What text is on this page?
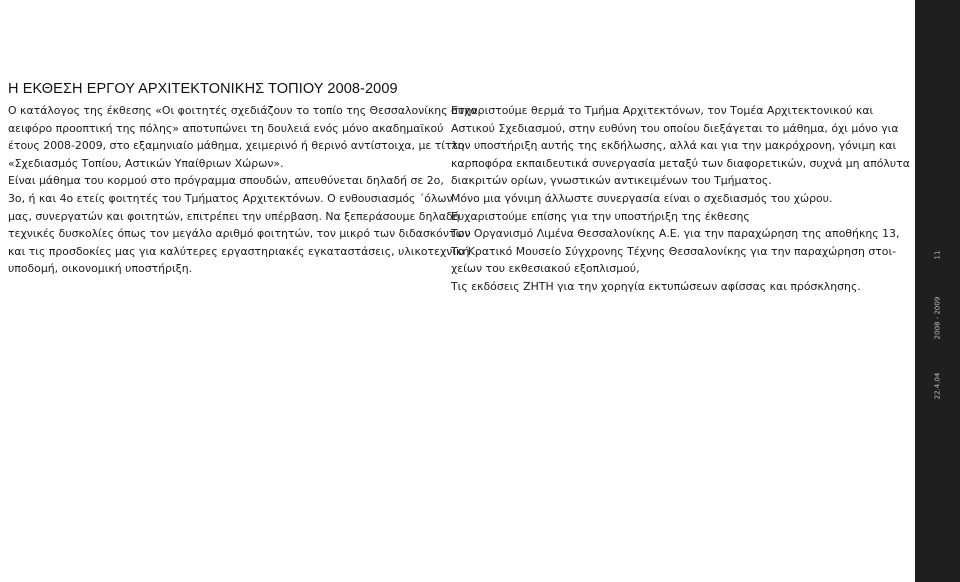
Η ΕΚΘΕΣΗ ΕΡΓΟΥ ΑΡΧΙΤΕΚΤΟΝΙΚΗΣ ΤΟΠΙΟΥ 2008-2009
Ο κατάλογος της έκθεσης «Οι φοιτητές σχεδιάζουν το τοπίο της Θεσσαλονίκης στην
αειφόρο προοπτική της πόλης» αποτυπώνει τη δουλειά ενός μόνο ακαδημαϊκού
έτους 2008-2009, στο εξαμηνιαίο μάθημα, χειμερινό ή θερινό αντίστοιχα, με τίτλο
«Σχεδιασμός Τοπίου, Αστικών Υπαίθριων Χώρων».
Είναι μάθημα του κορμού στο πρόγραμμα σπουδών, απευθύνεται δηλαδή σε 2ο,
3ο, ή και 4ο ετείς φοιτητές του Τμήματος Αρχιτεκτόνων. Ο ενθουσιασμός ΄όλων
μας, συνεργατών και φοιτητών, επιτρέπει την υπέρβαση. Να ξεπεράσουμε δηλαδή
τεχνικές δυσκολίες όπως τον μεγάλο αριθμό φοιτητών, τον μικρό των διδασκόντων
και τις προσδοκίες μας για καλύτερες εργαστηριακές εγκαταστάσεις, υλικοτεχνική
υποδομή, οικονομική υποστήριξη.
Ευχαριστούμε θερμά το Τμήμα Αρχιτεκτόνων, τον Τομέα Αρχιτεκτονικού και
Αστικού Σχεδιασμού, στην ευθύνη του οποίου διεξάγεται το μάθημα, όχι μόνο για
την υποστήριξη αυτής της εκδήλωσης, αλλά και για την μακρόχρονη, γόνιμη και
καρποφόρα εκπαιδευτικά συνεργασία μεταξύ των διαφορετικών, συχνά μη απόλυτα
διακριτών ορίων, γνωστικών αντικειμένων του Τμήματος.
Μόνο μια γόνιμη άλλωστε συνεργασία είναι ο σχεδιασμός του χώρου.
Ευχαριστούμε επίσης για την υποστήριξη της έκθεσης
Τον Οργανισμό Λιμένα Θεσσαλονίκης Α.Ε. για την παραχώρηση της αποθήκης 13,
Το Κρατικό Μουσείο Σύγχρονης Τέχνης Θεσσαλονίκης για την παραχώρηση στοι-
χείων του εκθεσιακού εξοπλισμού,
Τις εκδόσεις ΖΗΤΗ για την χορηγία εκτυπώσεων αφίσσας και πρόσκλησης.
11
2008 - 2009
22.4.04
